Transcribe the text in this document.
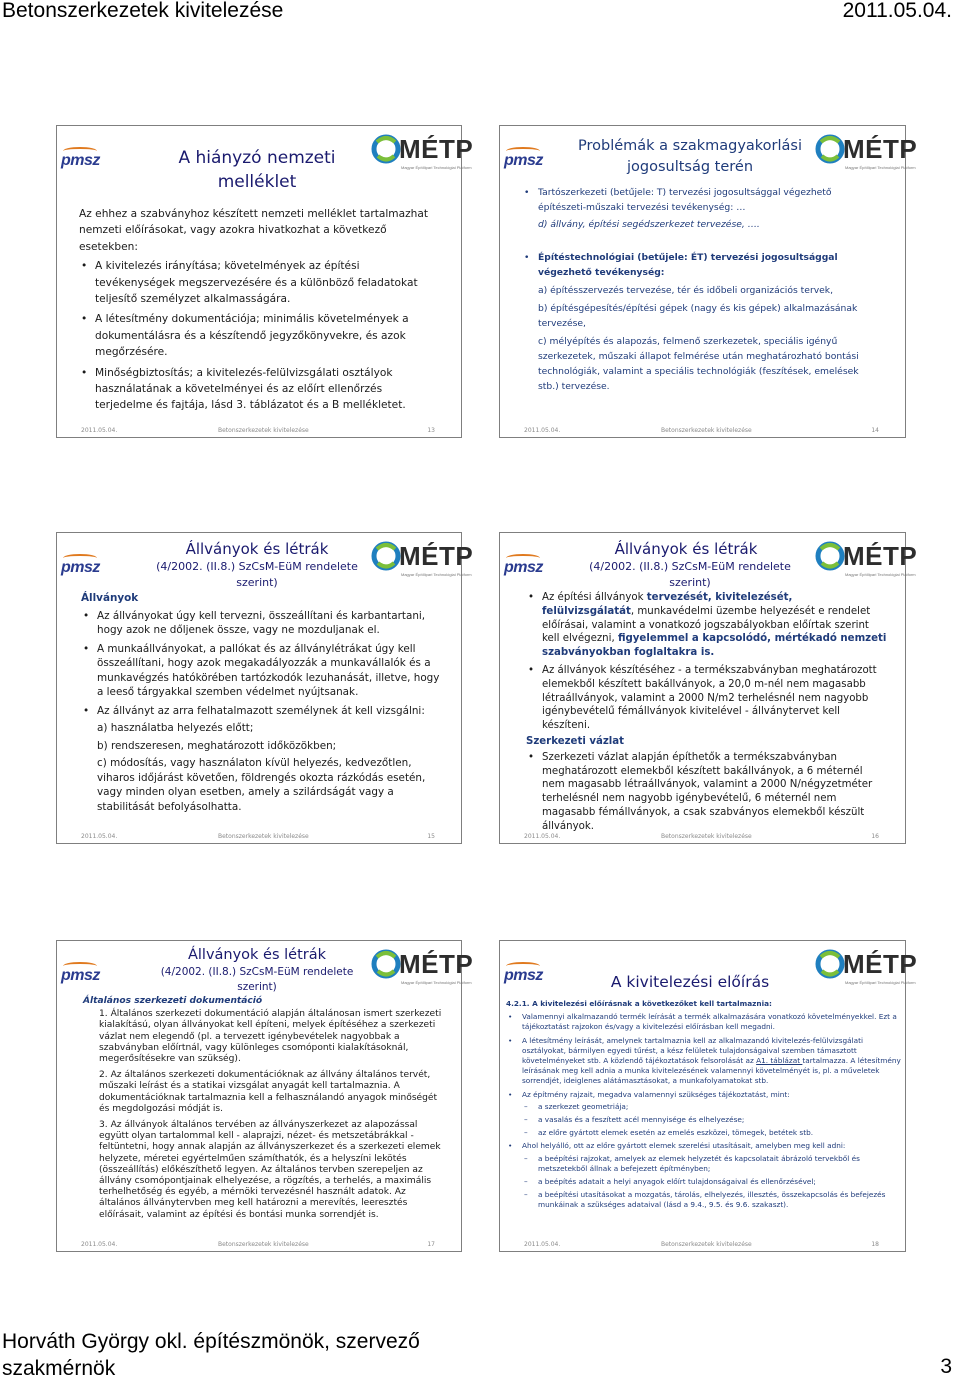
Betonszerkezetek kivitelezése	2011.05.04.
pmsz	MÉTP
Magyar Építőipari Technológiai Platform
A hiányzó nemzeti melléklet
Az ehhez a szabványhoz készített nemzeti melléklet tartalmazhat nemzeti előírásokat, vagy azokra hivatkozhat a következő esetekben:
• A kivitelezés irányítása; követelmények az építési tevékenységek megszervezésére és a különböző feladatokat teljesítő személyzet alkalmasságára.
• A létesítmény dokumentációja; minimális követelmények a dokumentálásra és a készítendő jegyzőkönyvekre, és azok megőrzésére.
• Minőségbiztosítás; a kivitelezés-felülvizsgálati osztályok használatának a követelményei és az előírt ellenőrzés terjedelme és fajtája, lásd 3. táblázatot és a B mellékletet.
2011.05.04.	Betonszerkezetek kivitelezése	13
pmsz	MÉTP
Magyar Építőipari Technológiai Platform
Problémák a szakmagyakorlási jogosultság terén
• Tartószerkezeti (betűjele: T) tervezési jogosultsággal végezhető építészeti-műszaki tervezési tevékenység: …
d) állvány, építési segédszerkezet tervezése, ….
• Építéstechnológiai (betűjele: ÉT) tervezési jogosultsággal végezhető tevékenység:
a) építésszervezés tervezése, tér és időbeli organizációs tervek,
b) építésgépesítés/építési gépek (nagy és kis gépek) alkalmazásának tervezése,
c) mélyépítés és alapozás, felmenő szerkezetek, speciális igényű szerkezetek, műszaki állapot felmérése után meghatározható bontási technológiák, valamint a speciális technológiák (feszítések, emelések stb.) tervezése.
2011.05.04.	Betonszerkezetek kivitelezése	14
pmsz	MÉTP
Magyar Építőipari Technológiai Platform
Állványok és létrák
(4/2002. (II.8.) SzCsM-EüM rendelete szerint)
Állványok
• Az állványokat úgy kell tervezni, összeállítani és karbantartani, hogy azok ne dőljenek össze, vagy ne mozduljanak el.
• A munkaállványokat, a pallókat és az állványlétrákat úgy kell összeállítani, hogy azok megakadályozzák a munkavállalók és a munkavégzés hatókörében tartózkodók lezuhanását, illetve, hogy a leeső tárgyakkal szemben védelmet nyújtsanak.
• Az állványt az arra felhatalmazott személynek át kell vizsgálni:
a) használatba helyezés előtt;
b) rendszeresen, meghatározott időközökben;
c) módosítás, vagy használaton kívül helyezés, kedvezőtlen, viharos időjárást követően, földrengés okozta rázkódás esetén, vagy minden olyan esetben, amely a szilárdságát vagy a stabilitását befolyásolhatta.
2011.05.04.	Betonszerkezetek kivitelezése	15
pmsz	MÉTP
Magyar Építőipari Technológiai Platform
Állványok és létrák
(4/2002. (II.8.) SzCsM-EüM rendelete szerint)
• Az építési állványok tervezését, kivitelezését, felülvizsgálatát, munkavédelmi üzembe helyezését e rendelet előírásai, valamint a vonatkozó jogszabályokban előírtak szerint kell elvégezni, figyelemmel a kapcsolódó, mértékadó nemzeti szabványokban foglaltakra is.
• Az állványok készítéséhez - a termékszabványban meghatározott elemekből készített bakállványok, a 20,0 m-nél nem magasabb létraállványok, valamint a 2000 N/m2 terhelésnél nem nagyobb igénybevételű fémállványok kivitelével - állványtervet kell készíteni.
Szerkezeti vázlat
• Szerkezeti vázlat alapján építhetők a termékszabványban meghatározott elemekből készített bakállványok, a 6 méternél nem magasabb létraállványok, valamint a 2000 N/négyzetméter terhelésnél nem nagyobb igénybevételű, 6 méternél nem magasabb fémállványok, a csak szabványos elemekből készült állványok.
2011.05.04.	Betonszerkezetek kivitelezése	16
pmsz	MÉTP
Magyar Építőipari Technológiai Platform
Állványok és létrák
(4/2002. (II.8.) SzCsM-EüM rendelete szerint)
Általános szerkezeti dokumentáció

1. Általános szerkezeti dokumentáció alapján általánosan ismert szerkezeti kialakítású, olyan állványokat kell építeni, melyek építéséhez a szerkezeti vázlat nem elegendő (pl. a tervezett igénybevételek nagyobbak a szabványban előírtnál, vagy különleges csomóponti kialakításoknál, megerősítésekre van szükség).

2. Az általános szerkezeti dokumentációknak az állvány általános tervét, műszaki leírást és a statikai vizsgálat anyagát kell tartalmaznia. A dokumentációknak tartalmaznia kell a felhasználandó anyagok minőségét és megdolgozási módját is.

3. Az állványok általános tervében az állványszerkezet az alapozással együtt olyan tartalommal kell - alaprajzi, nézet- és metszetábrákkal - feltüntetni, hogy annak alapján az állványszerkezet és a szerkezeti elemek helyzete, méretei egyértelműen számíthatók, és a helyszíni lekötés (összeállítás) előkészíthető legyen. Az általános tervben szerepeljen az állvány csomópontjainak elhelyezése, a rögzítés, a terhelés, a maximális terhelhetőség és egyéb, a mérnöki tervezésnél használt adatok. Az általános állványtervben meg kell határozni a merevítés, leeresztés előírásait, valamint az építési és bontási munka sorrendjét is.

2011.05.04.	Betonszerkezetek kivitelezése	17
pmsz	MÉTP
Magyar Építőipari Technológiai Platform
A kivitelezési előírás
4.2.1. A kivitelezési előírásnak a következőket kell tartalmaznia:
• Valamennyi alkalmazandó termék leírását a termék alkalmazására vonatkozó követelményekkel. Ezt a tájékoztatást rajzokon és/vagy a kivitelezési előírásban kell megadni.
• A létesítmény leírását, amelynek tartalmaznia kell az alkalmazandó kivitelezés-felülvizsgálati osztályokat, bármilyen egyedi tűrést, a kész felületek tulajdonságaival szemben támasztott követelményeket stb. A közlendő tájékoztatások felsorolását az A1. táblázat tartalmazza. A létesítmény leírásának meg kell adnia a munka kivitelezésének valamennyi követelményét is, pl. a műveletek sorrendjét, ideiglenes alátámasztásokat, a munkafolyamatokat stb.
• Az építmény rajzait, megadva valamennyi szükséges tájékoztatást, mint:
– a szerkezet geometriája;
– a vasalás és a feszített acél mennyisége és elhelyezése;
– az előre gyártott elemek esetén az emelés eszközei, tömegek, betétek stb.
• Ahol helyálló, ott az előre gyártott elemek szerelési utasításait, amelyben meg kell adni:
– a beépítési rajzokat, amelyek az elemek helyzetét és kapcsolatait ábrázoló tervekből és metszetekből állnak a befejezett építményben;
– a beépítés adatait a helyi anyagok előírt tulajdonságaival és ellenőrzésével;
– a beépítési utasításokat a mozgatás, tárolás, elhelyezés, illesztés, összekapcsolás és befejezés munkáinak a szükséges adataival (lásd a 9.4., 9.5. és 9.6. szakaszt).
2011.05.04.	Betonszerkezetek kivitelezése	18
Horváth György okl. építészmönök, szervező szakmérnök	3
